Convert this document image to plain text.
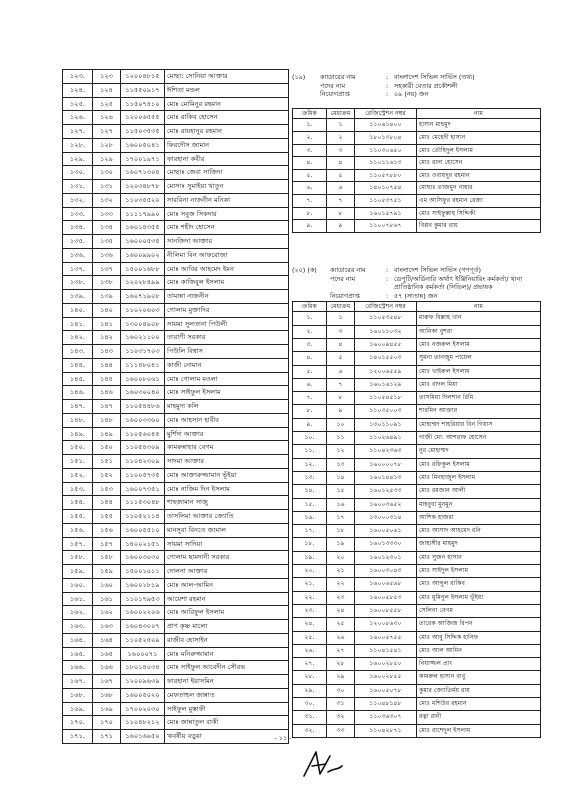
১২৩.	১২৩	১২০০৪৮১৫	মোছা: সোনিয়া আক্তার
১২৪.	১২৪	১১৫৫০৯১৭	ঈশিতা মন্ডল
১২৫.	১২৫	১১৫০৭৪১০	মোঃ মোমিনুর রহমান
১২৬.	১২৬	১২০০৬৫৫৫	মোঃ রাকিব হোসেন
১২৭.	১২৭	১১৫০৩৫৩৫	মোঃ রায়হানুর রহমান
১২৮.	১২৮	১৬০০৫০৪১	ফিরদৌস জামান
১২৯.	১২৯	১৭০০১৯৭১	ফারহানা কবীর
১৩০.	১৩০	১৬০৭১৩০৪	মোছাঃ জেবা সাজিদা
১৩১.	১৩১	১২০৩৪৮৭৮	মোসাঃ সুমাইয়া খাতুন
১৩২.	১৩২	১১০৩৫৫২০	সাবরিনা নাজনীন মনিকা
১৩৩.	১৩৩	১১১১৭৯৯০	মোঃ সবুজ সিকদার
১৩৪.	১৩৪	১৬০১৪৩৫৫	মোঃ শহীদ হোসেন
১৩৫.	১৩৫	১৬০০০৫৩৫	সানজিদা আক্তার
১৩৬.	১৩৬	১৬০০৯৯০২	নীলিমা বিন আফরোজা
১৩৭.	১৩৭	১৫০০১৬৮৮	মোঃ আবির আহমেদ ইমন
১৩৮.	১৩৮	১২০২৮৪৯৯	মোঃ কাজিবুল ইসলাম
১৩৯.	১৩৯	১৬০৭১৯০৮	তামান্না নাজনীন
১৪০.	১৪০	১১০২০৬০৩	গোলাম মুক্তাদির
১৪১.	১৪১	১৩০০৪৯০৮	সায়মা সুলতানা পিউলী
১৪২.	১৪২	১৬০২১১০০	তারাণী সরকার
১৪৩.	১৪৩	১১০৩১৭০৩	পিউলি বিশ্বাস
১৪৪.	১৪৪	১১১৪৮০৪১	কাজী নোমান
১৪৫.	১৪৫	১৬০০৮০৬১	মোঃ গোলাম মওলা
১৪৬.	১৪৬	১৬০৩০০৪০	মোঃ সাইফুল ইসলাম
১৪৭.	১৪৭	১১০৫৪৪৮৬	মাহমুদা কলি
১৪৮.	১৪৮	১৬০০৩৩৬০	মোঃ আহসান হাবীব
১৪৯.	১৪৯	১১০৫৬০৪৫	মুর্শিদা আক্তার
১৫০.	১৫০	১১০৫৪৩০৯	কামরুন্নাহার বেগম
১৫১.	১৫১	১১০৪২৩০৯	সাদমা আক্তার
১৫২.	১৫২	১১০০৫৭৩৫	মোঃ আক্তারুজ্জামান ভূঁইয়া
১৫৩.	১৫৩	১৬০০৭৩৫১	মোঃ নাজিম দিন ইসলাম
১৫৪.	১৫৪	১১১৫৩০৪৮	শাহজামান সাজু
১৫৫.	১৫৫	১১০৫২১১৪	তাসলিমা আক্তার জ্যোতি
১৫৬.	১৫৬	১৬০০৫৫১০	মানসুরা বিনতে জামাল
১৫৭.	১৫৭	১৪০০২১৫১	সায়মা সাদিয়া
১৫৮.	১৫৮	১৬০০৩০৩০	গোলাম ছামদানী সরকার
১৫৯.	১৫৯	১৫০০১০১১	দোলনা আক্তার
১৬০.	১৬০	১৬০০১৮১৯	মোঃ আল-আমিন
১৬১.	১৬১	১১০১৭৯৫৩	আয়েশা রহমান
১৬২.	১৬২	১৬০০২২০৬	মোঃ আরিফুল ইসলাম
১৬৩.	১৬৩	১৬০৪৩০০৭	প্রাণ কৃষ্ণ মালো
১৬৪.	১৬৪	১১০৫২৫০৯	রাজীব হোসাইন
১৬৫.	১৬৫	১৬০০০৭১	মোঃ মনিরুজ্জামান
১৬৬.	১৬৬	১৮০১৪০৩৪	মোঃ সাইফুল আবেদীন সৌরভ
১৬৭.	১৬৭	১২০০৯৬৩৯	ফারহানা ইয়াসমিন
১৬৮.	১৬৮	১৬০০৫০২০	মেফতাহুল জান্নাত
১৬৯.	১৬৯	১৭০০২০৩০	সাইফুল মুস্তাফী
১৭০.	১৭০	১১০৪৮২১২	মোঃ জান্নাতুল বাকী
১৭১.	১৭১	১৬০১৬৯৫০	ঋবর্ষীয় বড়ুয়া
(১৯)	ক্যাডারের নাম	: বাংলাদেশ সিভিল সার্ভিস (তথ্য)
পদের নাম	: সহকারী বেতার প্রকৌশলী
নিয়োগপ্রাপ্ত	: ০৯ (নয়) জন
ক্রমিক	মেধাক্রম	রেজিস্ট্রেশন নম্বর	নাম
১.	১	১১০৬১৪০০	হাসান মাহমুদ
২.	২	১৮০১৩৮০৪	মোঃ মেহেদী হাসান
৩.	৩	১১০৩০৬৫০	মোঃ তৌহিদুল ইসলাম
৪.	৪	১১০১১৬১৩	মোঃ রানা হোসেন
৫.	৫	১১০৫৭৮৮০	মোঃ ওবায়দুর রহমান
৬.	৬	১৪০১০৭৫৪	মোছাঃ তাজমুন নাহার
৭.	৭	১১০৫৩৭৫১	এম আসিফুর রহমান রেজা
৮.	৮	১৬০১৫৭৯১	মোঃ সাইফুল্লাহ সিদ্দিকী
৯.	৯	১১০০৭৮৬৭	বিপ্লব কুমার রায়
(২০) (ক)	ক্যাডারের নাম	: বাংলাদেশ সিভিল সার্ভিস (গণপূর্ত)
পদের নাম	: ডেপুটি/অর্ডিনারি অর্থাৎ ইঞ্জিনিয়ারিং কর্মকর্তা/ থানা প্রাতিষ্ঠানিক কর্মকর্তা (সিভিল)/ প্রভাষক
নিয়োগপ্রাপ্ত	: ৫৭ (সাতান্ন) জন
ক্রমিক	মেধাক্রম	রেজিস্ট্রেশন নম্বর	নাম
১.	১	১১০৫৩৫৪৮	মারুফ বিল্লাহ খান
২.	৩	১৬০১১০৩২	আনিকা বুশরা
৩.	৪	১৬০০৯৪৫৫	মোঃ নজরুল ইসলাম
৪.	৫	১৪০১৫৫০৩	সুমনা তানজুম পায়েল
৫.	৬	১২০০৬৫৫৯	মোঃ খাইরুল ইসলাম
৬.	৭	১৬০১৬১২৯	মোঃ বাদল মিয়া
৭.	৮	১১০৫৪৫১৮	তাসমিয়া দিলশান রিমি
৮.	৯	১১০৩৫০০৩	শারমিন আক্তার
৯.	১০	১৩০১১০৯১	মোহাম্মদ শাহরিয়ার বিন গিয়াস
১০.	১১	১১০২৬৪৯১	গাজী মো: আশরাফ হোসেন
১১.	১২	১১০৪২৩৬৩	নুর মোহাম্মদ
১২.	১৩	১৬০০০০৭৮	মোঃ রফিকুল ইসলাম
১৩.	১৪	১৬০১৪৪১৩	মোঃ মিনহাজুল ইসলাম
১৪.	১৫	১৬০১২৫৩৩	মোঃ রমজান আলী
১৫.	১৬	১৬০০৩৬৫২	মাহবুবা মুনমুন
১৬.	১৭	১৩০০০৩১৪	আশিক হাজরা
১৭.	১৮	১৬০০৫০৬১	মোঃ আসাদ আহমেদ রনি
১৮.	১৯	১৬০১৩৩৩০	জাহাঙ্গীর মাহমুদ
১৯.	২০	১৬০১২৩০১	মোঃ সুজন হাসান
২০.	২১	১৬০০৩০৪৩	মোঃ সাইদুল ইসলাম
২১.	২২	১৬০০৬৫৬৮	মোঃ আব্দুল রাকিব
২২.	২৩	১৬০০৫৮৫৩	মোঃ মুমিনুল ইসলাম ভূঁইয়া
২৩.	২৪	১৬০০৮৫৫৮	সেলিনা বেগম
২৪.	২৫	১২০০৮৬৩০	তারেক আজিজ রিপন
২৫.	২৬	১৬০০৫৭৫৫	মোঃ আবু সিদ্দিক হানিফ
২৬.	২৭	১১০৪১৫৪১	মোঃ আল আমিন
২৭.	২৮	১৬০০২৮৫০	নিয়াজ্জল প্রাং
২৮.	২৯	১৬০০২৮৫৫	কামরুল হাসান বাবু
২৯.	৩০	১৬০০৫০৭৮	কুমার জ্যোতির্ময় রায়
৩০.	৩১	১১০৪৮১৪৮	মোঃ মশিউর রহমান
৩১.	৩২	১১০৩৬৩০৭	রত্না রানী
৩২.	৩৩	১১০৪২৮৭১	মোঃ রাশেদুল ইসলাম
- ১১ -
